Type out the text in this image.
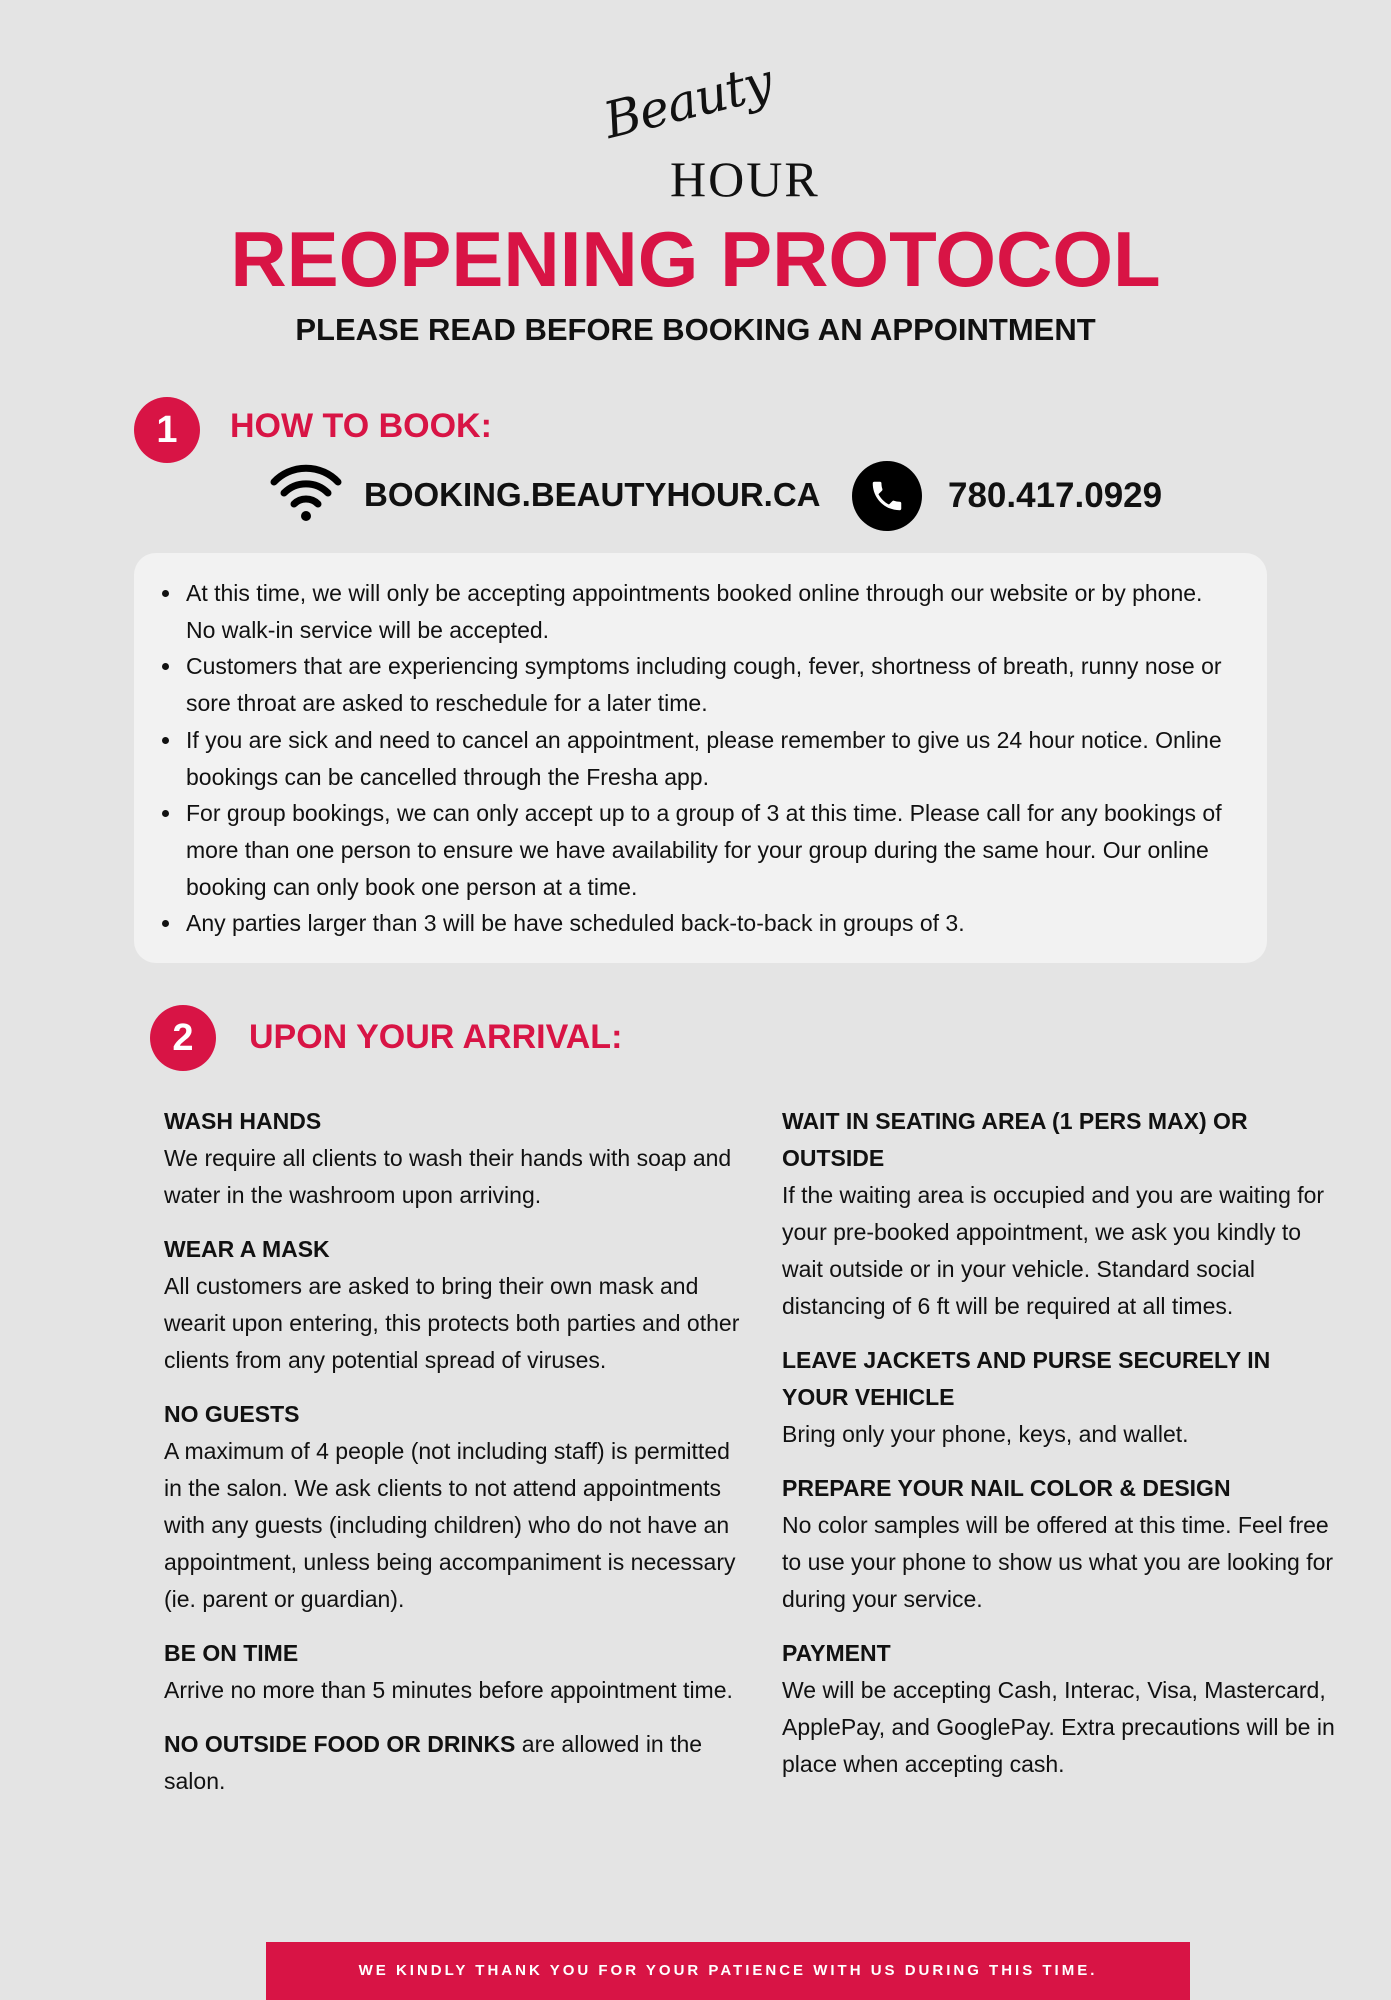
Beauty
HOUR
REOPENING PROTOCOL
PLEASE READ BEFORE BOOKING AN APPOINTMENT
1	HOW TO BOOK:
BOOKING.BEAUTYHOUR.CA	780.417.0929
At this time, we will only be accepting appointments booked online through our website or by phone. No walk-in service will be accepted.
Customers that are experiencing symptoms including cough, fever, shortness of breath, runny nose or sore throat are asked to reschedule for a later time.
If you are sick and need to cancel an appointment, please remember to give us 24 hour notice. Online bookings can be cancelled through the Fresha app.
For group bookings, we can only accept up to a group of 3 at this time. Please call for any bookings of more than one person to ensure we have availability for your group during the same hour. Our online booking can only book one person at a time.
Any parties larger than 3 will be have scheduled back-to-back in groups of 3.
2	UPON YOUR ARRIVAL:
WASH HANDS

We require all clients to wash their hands with soap and water in the washroom upon arriving.

WEAR A MASK

All customers are asked to bring their own mask and wearit upon entering, this protects both parties and other clients from any potential spread of viruses.

NO GUESTS

A maximum of 4 people (not including staff) is permitted in the salon. We ask clients to not attend appointments with any guests (including children) who do not have an appointment, unless being accompaniment is necessary (ie. parent or guardian).

BE ON TIME

Arrive no more than 5 minutes before appointment time.

NO OUTSIDE FOOD OR DRINKS are allowed in the salon.

WAIT IN SEATING AREA (1 PERS MAX) OR OUTSIDE

If the waiting area is occupied and you are waiting for your pre-booked appointment, we ask you kindly to wait outside or in your vehicle. Standard social distancing of 6 ft will be required at all times.

LEAVE JACKETS AND PURSE SECURELY IN YOUR VEHICLE

Bring only your phone, keys, and wallet.

PREPARE YOUR NAIL COLOR & DESIGN

No color samples will be offered at this time. Feel free to use your phone to show us what you are looking for during your service.

PAYMENT

We will be accepting Cash, Interac, Visa, Mastercard, ApplePay, and GooglePay. Extra precautions will be in place when accepting cash.

WE KINDLY THANK YOU FOR YOUR PATIENCE WITH US DURING THIS TIME.
